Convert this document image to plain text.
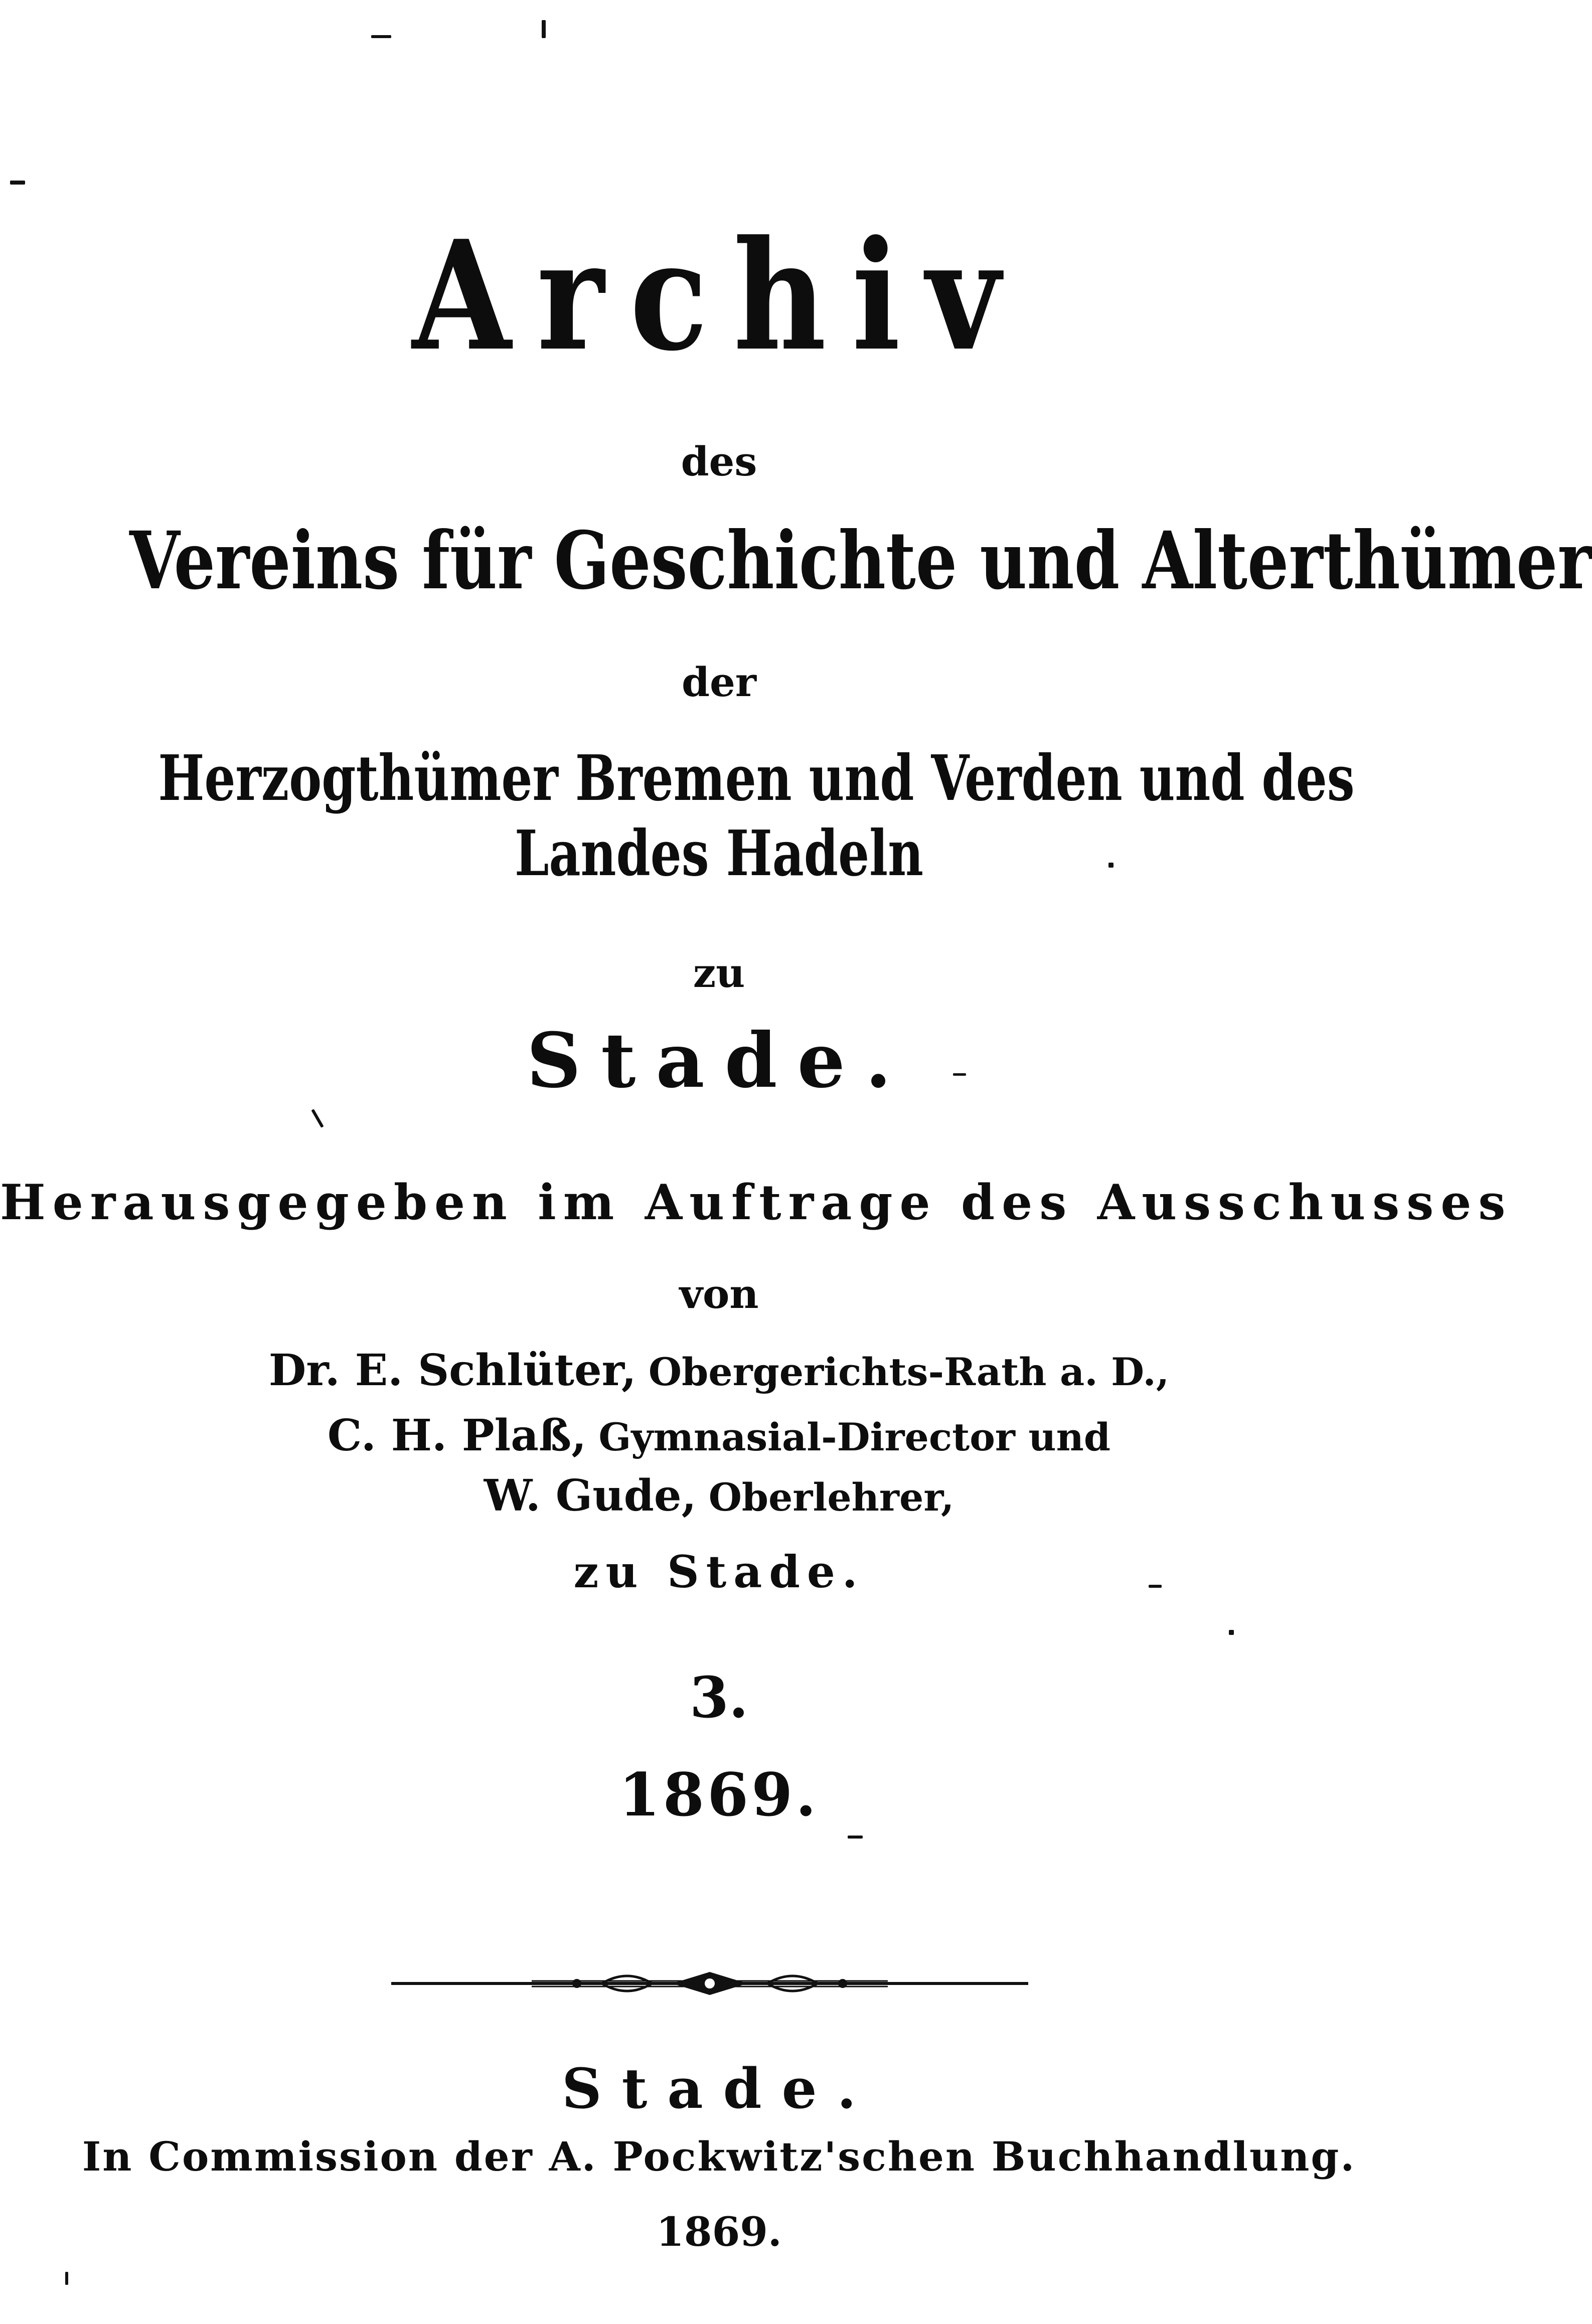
Archiv
des
Vereins für Geschichte und Alterthümer
der
Herzogthümer Bremen und Verden und des
Landes Hadeln
zu
Stade.
Herausgegeben im Auftrage des Ausschusses
von
Dr. E. Schlüter, Obergerichts-Rath a. D.,
C. H. Plaß, Gymnasial-Director und
W. Gude, Oberlehrer,
zu Stade.
3.
1869.
Stade.
In Commission der A. Pockwitz'schen Buchhandlung.
1869.
